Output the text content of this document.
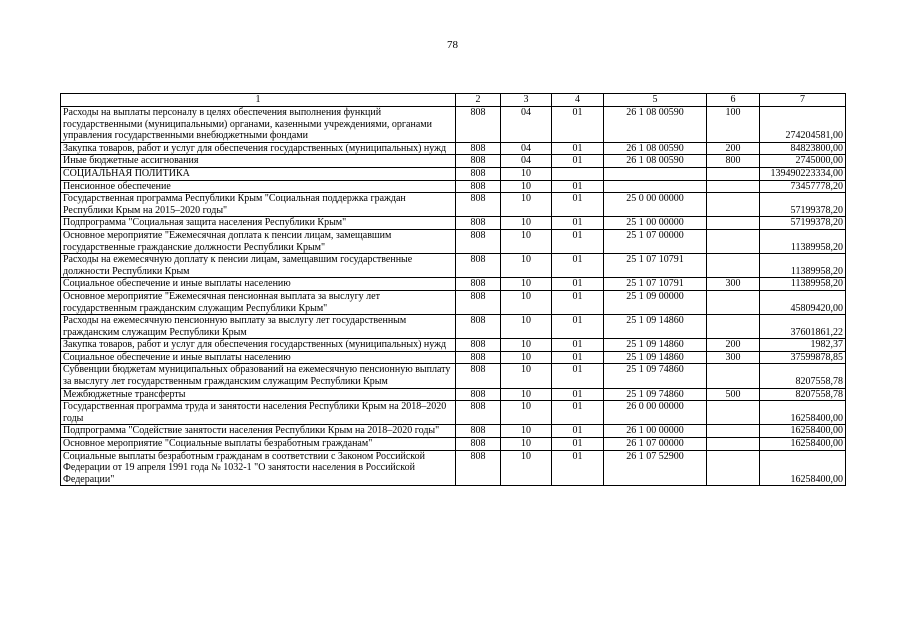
78
1	2	3	4	5	6	7
Расходы на выплаты персоналу в целях обеспечения выполнения функций государственными (муниципальными) органами, казенными учреждениями, органами управления государственными внебюджетными фондами	808	04	01	26 1 08 00590	100	274204581,00
Закупка товаров, работ и услуг для обеспечения государственных (муниципальных) нужд	808	04	01	26 1 08 00590	200	84823800,00
Иные бюджетные ассигнования	808	04	01	26 1 08 00590	800	2745000,00
СОЦИАЛЬНАЯ ПОЛИТИКА	808	10				139490223334,00
Пенсионное обеспечение	808	10	01			73457778,20
Государственная программа Республики Крым "Социальная поддержка граждан Республики Крым на 2015–2020 годы"	808	10	01	25 0 00 00000		57199378,20
Подпрограмма "Социальная защита населения Республики Крым"	808	10	01	25 1 00 00000		57199378,20
Основное мероприятие "Ежемесячная доплата к пенсии лицам, замещавшим государственные гражданские должности Республики Крым"	808	10	01	25 1 07 00000		11389958,20
Расходы на ежемесячную доплату к пенсии лицам, замещавшим государственные должности Республики Крым	808	10	01	25 1 07 10791		11389958,20
Социальное обеспечение и иные выплаты населению	808	10	01	25 1 07 10791	300	11389958,20
Основное мероприятие "Ежемесячная пенсионная выплата за выслугу лет государственным гражданским служащим Республики Крым"	808	10	01	25 1 09 00000		45809420,00
Расходы на ежемесячную пенсионную выплату за выслугу лет государственным гражданским служащим Республики Крым	808	10	01	25 1 09 14860		37601861,22
Закупка товаров, работ и услуг для обеспечения государственных (муниципальных) нужд	808	10	01	25 1 09 14860	200	1982,37
Социальное обеспечение и иные выплаты населению	808	10	01	25 1 09 14860	300	37599878,85
Субвенции бюджетам муниципальных образований на ежемесячную пенсионную выплату за выслугу лет государственным гражданским служащим Республики Крым	808	10	01	25 1 09 74860		8207558,78
Межбюджетные трансферты	808	10	01	25 1 09 74860	500	8207558,78
Государственная программа труда и занятости населения Республики Крым на 2018–2020 годы	808	10	01	26 0 00 00000		16258400,00
Подпрограмма "Содействие занятости населения Республики Крым на 2018–2020 годы"	808	10	01	26 1 00 00000		16258400,00
Основное мероприятие "Социальные выплаты безработным гражданам"	808	10	01	26 1 07 00000		16258400,00
Социальные выплаты безработным гражданам в соответствии с Законом Российской Федерации от 19 апреля 1991 года № 1032-1 "О занятости населения в Российской Федерации"	808	10	01	26 1 07 52900		16258400,00
